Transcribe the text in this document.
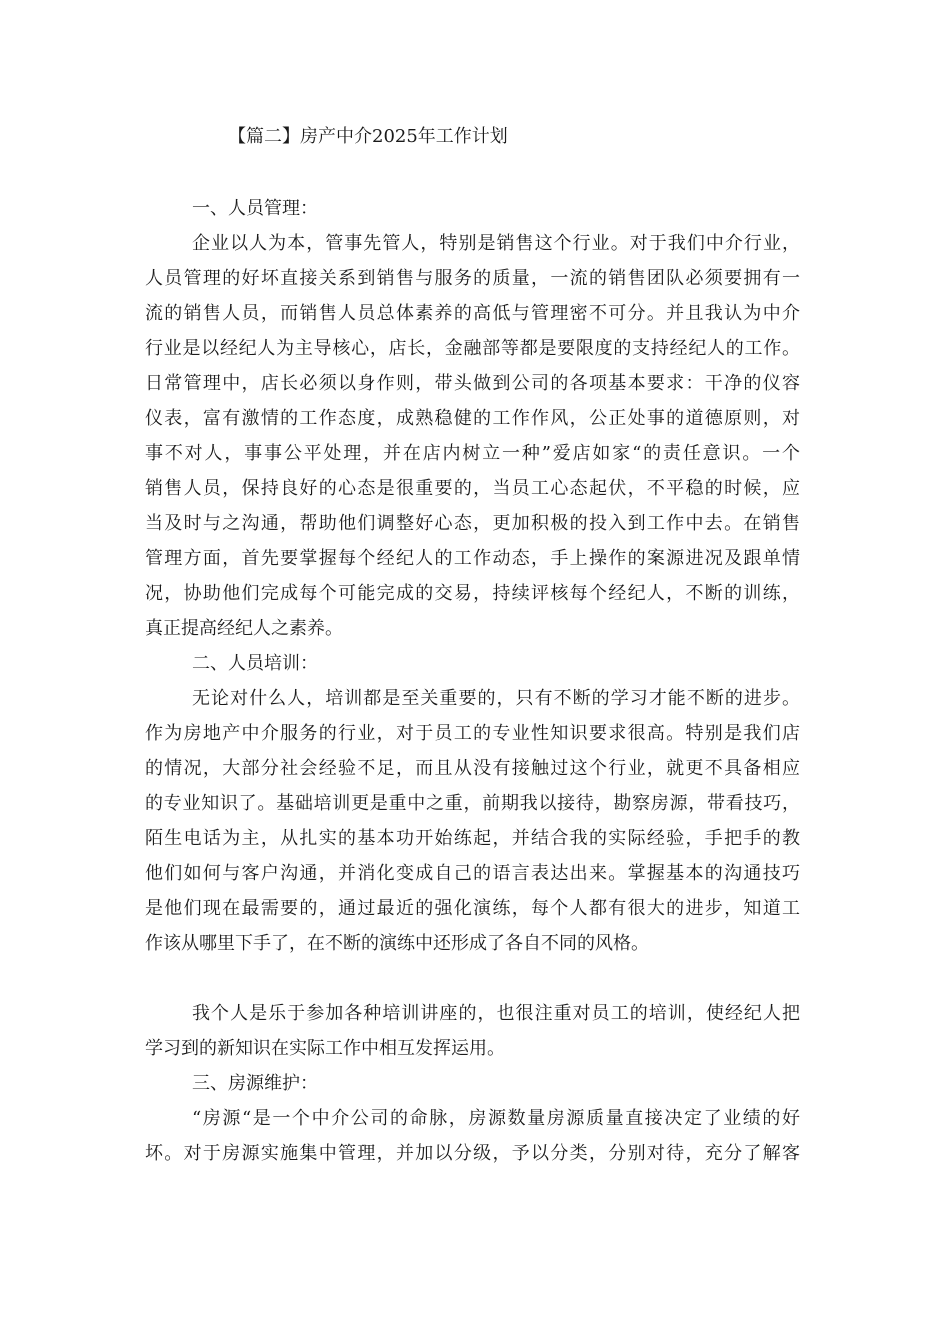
【篇二】房产中介2025年工作计划
一、人员管理：
企业以人为本，管事先管人，特别是销售这个行业。对于我们中介行业，
人员管理的好坏直接关系到销售与服务的质量，一流的销售团队必须要拥有一
流的销售人员，而销售人员总体素养的高低与管理密不可分。并且我认为中介
行业是以经纪人为主导核心，店长，金融部等都是要限度的支持经纪人的工作。
日常管理中，店长必须以身作则，带头做到公司的各项基本要求：干净的仪容
仪表，富有激情的工作态度，成熟稳健的工作作风，公正处事的道德原则，对
事不对人，事事公平处理，并在店内树立一种”爱店如家“的责任意识。一个
销售人员，保持良好的心态是很重要的，当员工心态起伏，不平稳的时候，应
当及时与之沟通，帮助他们调整好心态，更加积极的投入到工作中去。在销售
管理方面，首先要掌握每个经纪人的工作动态，手上操作的案源进况及跟单情
况，协助他们完成每个可能完成的交易，持续评核每个经纪人，不断的训练，
真正提高经纪人之素养。
二、人员培训：
无论对什么人，培训都是至关重要的，只有不断的学习才能不断的进步。
作为房地产中介服务的行业，对于员工的专业性知识要求很高。特别是我们店
的情况，大部分社会经验不足，而且从没有接触过这个行业，就更不具备相应
的专业知识了。基础培训更是重中之重，前期我以接待，勘察房源，带看技巧，
陌生电话为主，从扎实的基本功开始练起，并结合我的实际经验，手把手的教
他们如何与客户沟通，并消化变成自己的语言表达出来。掌握基本的沟通技巧
是他们现在最需要的，通过最近的强化演练，每个人都有很大的进步，知道工
作该从哪里下手了，在不断的演练中还形成了各自不同的风格。
我个人是乐于参加各种培训讲座的，也很注重对员工的培训，使经纪人把
学习到的新知识在实际工作中相互发挥运用。
三、房源维护：
“房源“是一个中介公司的命脉，房源数量房源质量直接决定了业绩的好
坏。对于房源实施集中管理，并加以分级，予以分类，分别对待，充分了解客
